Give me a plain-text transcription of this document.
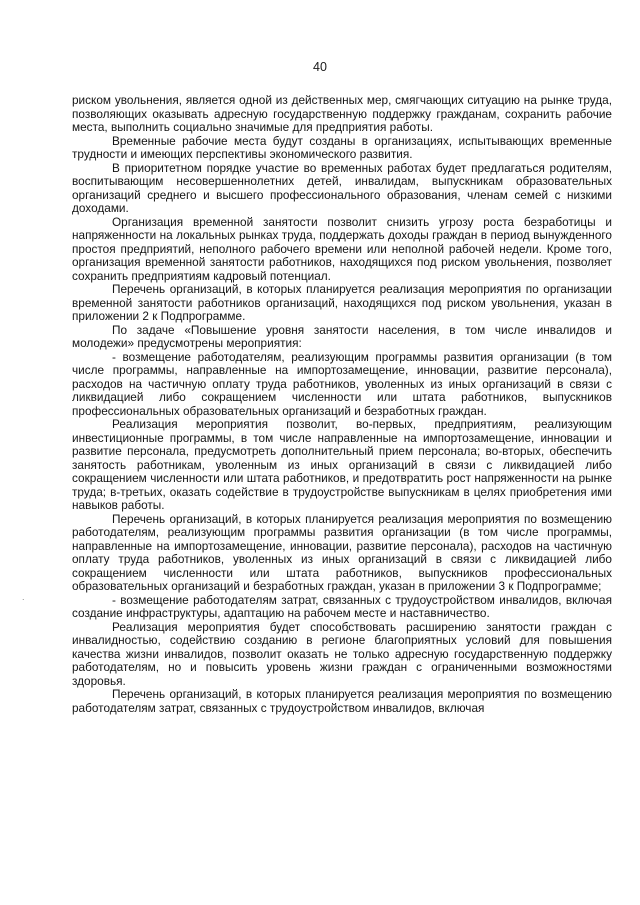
40

риском увольнения, является одной из действенных мер, смягчающих ситуацию на рынке труда, позволяющих оказывать адресную государственную поддержку гражданам, сохранить рабочие места, выполнить социально значимые для предприятия работы.

Временные рабочие места будут созданы в организациях, испытывающих временные трудности и имеющих перспективы экономического развития.

В приоритетном порядке участие во временных работах будет предлагаться родителям, воспитывающим несовершеннолетних детей, инвалидам, выпускникам образовательных организаций среднего и высшего профессионального образования, членам семей с низкими доходами.

Организация временной занятости позволит снизить угрозу роста безработицы и напряженности на локальных рынках труда, поддержать доходы граждан в период вынужденного простоя предприятий, неполного рабочего времени или неполной рабочей недели. Кроме того, организация временной занятости работников, находящихся под риском увольнения, позволяет сохранить предприятиям кадровый потенциал.

Перечень организаций, в которых планируется реализация мероприятия по организации временной занятости работников организаций, находящихся под риском увольнения, указан в приложении 2 к Подпрограмме.

По задаче «Повышение уровня занятости населения, в том числе инвалидов и молодежи» предусмотрены мероприятия:

- возмещение работодателям, реализующим программы развития организации (в том числе программы, направленные на импортозамещение, инновации, развитие персонала), расходов на частичную оплату труда работников, уволенных из иных организаций в связи с ликвидацией либо сокращением численности или штата работников, выпускников профессиональных образовательных организаций и безработных граждан.

Реализация мероприятия позволит, во-первых, предприятиям, реализующим инвестиционные программы, в том числе направленные на импортозамещение, инновации и развитие персонала, предусмотреть дополнительный прием персонала; во-вторых, обеспечить занятость работникам, уволенным из иных организаций в связи с ликвидацией либо сокращением численности или штата работников, и предотвратить рост напряженности на рынке труда; в-третьих, оказать содействие в трудоустройстве выпускникам в целях приобретения ими навыков работы.

Перечень организаций, в которых планируется реализация мероприятия по возмещению работодателям, реализующим программы развития организации (в том числе программы, направленные на импортозамещение, инновации, развитие персонала), расходов на частичную оплату труда работников, уволенных из иных организаций в связи с ликвидацией либо сокращением численности или штата работников, выпускников профессиональных образовательных организаций и безработных граждан, указан в приложении 3 к Подпрограмме;

- возмещение работодателям затрат, связанных с трудоустройством инвалидов, включая создание инфраструктуры, адаптацию на рабочем месте и наставничество.

Реализация мероприятия будет способствовать расширению занятости граждан с инвалидностью, содействию созданию в регионе благоприятных условий для повышения качества жизни инвалидов, позволит оказать не только адресную государственную поддержку работодателям, но и повысить уровень жизни граждан с ограниченными возможностями здоровья.

Перечень организаций, в которых планируется реализация мероприятия по возмещению работодателям затрат, связанных с трудоустройством инвалидов, включая

.
